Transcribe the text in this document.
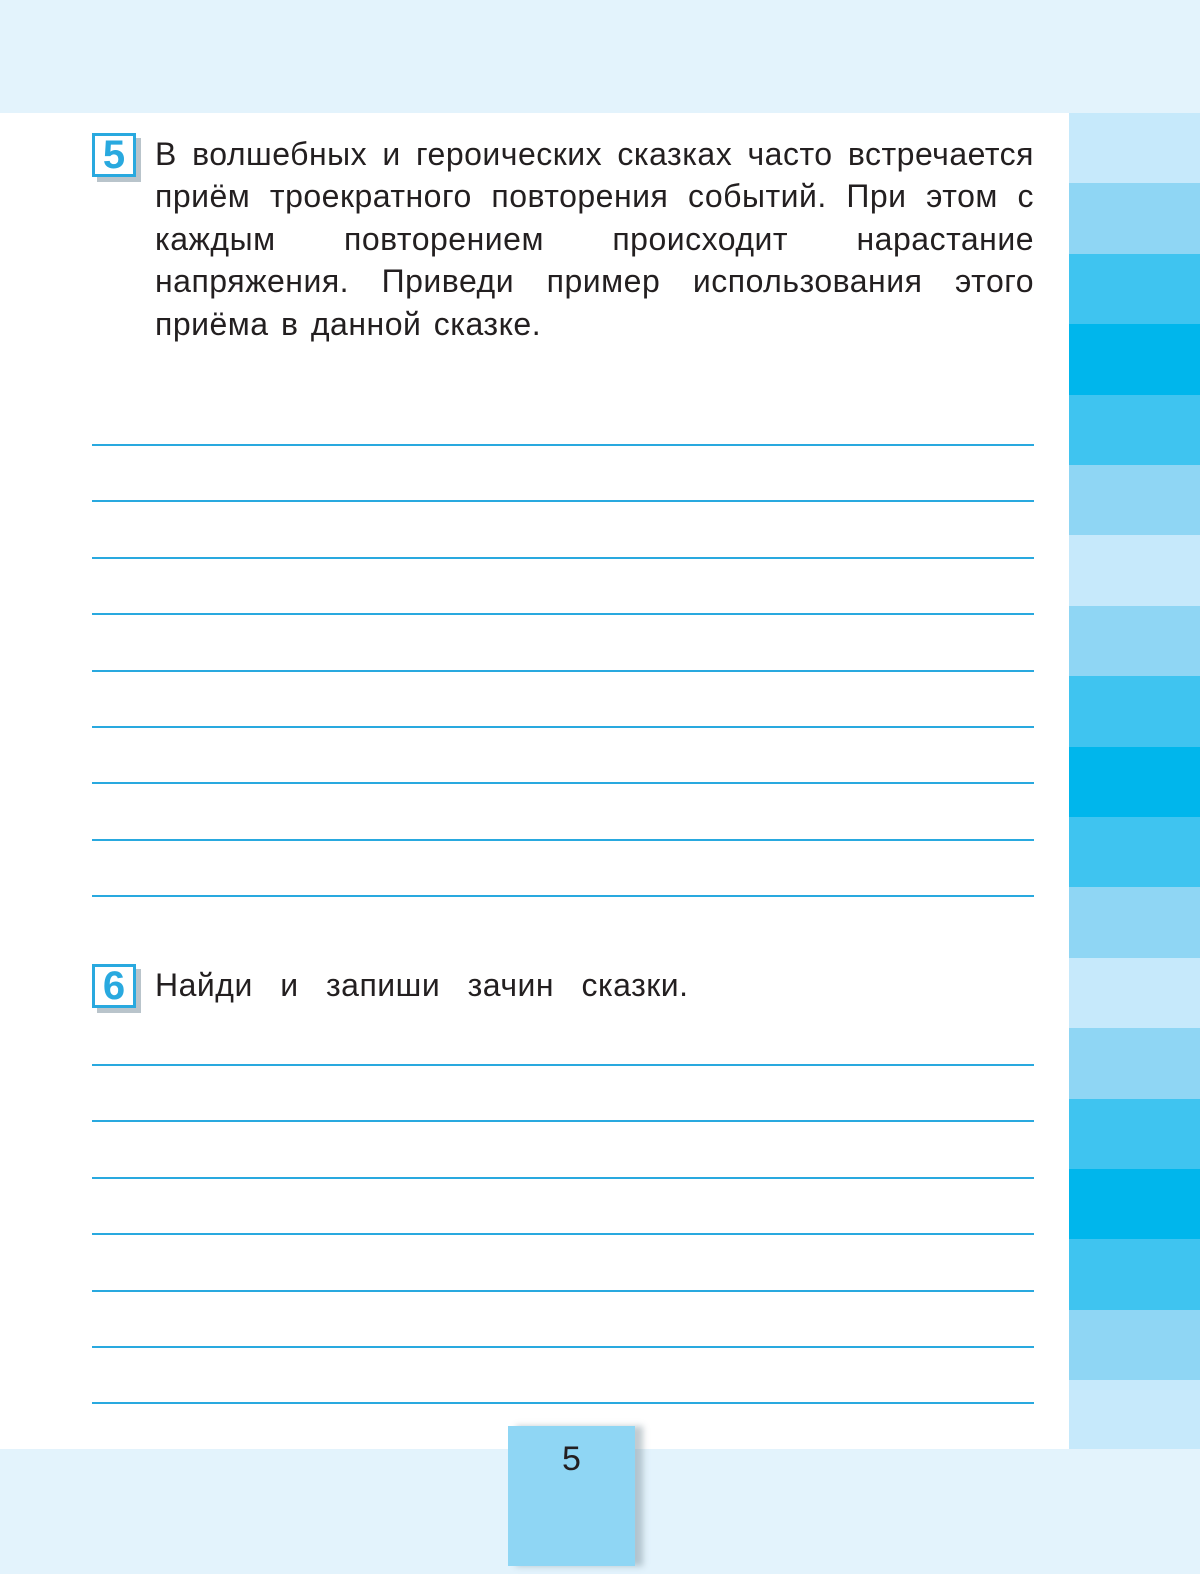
5 В волшебных и героических сказках часто встречается приём троекратного повторения событий. При этом с каждым повторением происходит нарастание напряжения. Приведи пример использования этого приёма в данной сказке.

6 Найди и запиши зачин сказки.

5
